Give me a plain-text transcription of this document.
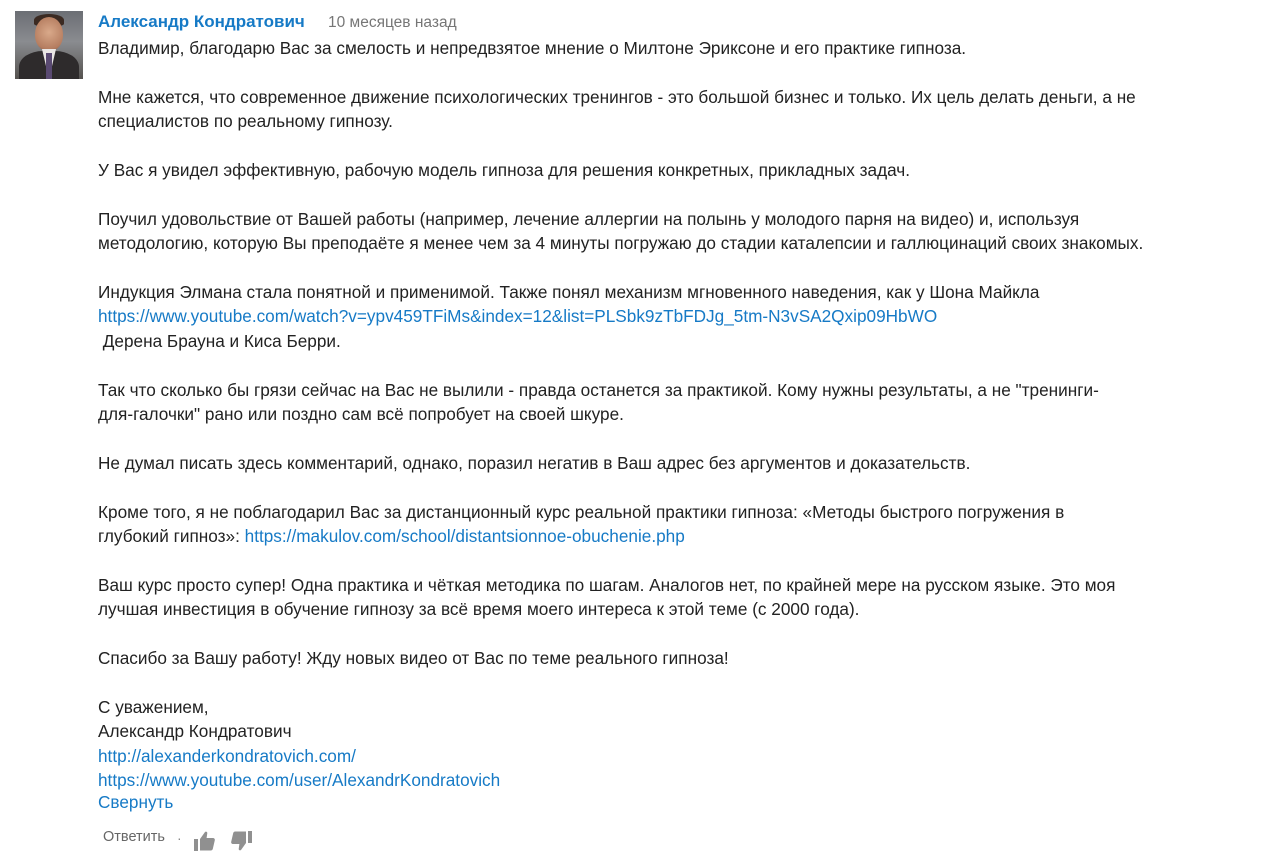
Александр Кондратович 10 месяцев назад

Владимир, благодарю Вас за смелость и непредвзятое мнение о Милтоне Эриксоне и его практике гипноза.

Мне кажется, что современное движение психологических тренингов - это большой бизнес и только. Их цель делать деньги, а не
специалистов по реальному гипнозу.

У Вас я увидел эффективную, рабочую модель гипноза для решения конкретных, прикладных задач.

Поучил удовольствие от Вашей работы (например, лечение аллергии на полынь у молодого парня на видео) и, используя
методологию, которую Вы преподаёте я менее чем за 4 минуты погружаю до стадии каталепсии и галлюцинаций своих знакомых.

Индукция Элмана стала понятной и применимой. Также понял механизм мгновенного наведения, как у Шона Майкла
https://www.youtube.com/watch?v=ypv459TFiMs&index=12&list=PLSbk9zTbFDJg_5tm-N3vSA2Qxip09HbWO
Дерена Брауна и Киса Берри.

Так что сколько бы грязи сейчас на Вас не вылили - правда останется за практикой. Кому нужны результаты, а не "тренинги-
для-галочки" рано или поздно сам всё попробует на своей шкуре.

Не думал писать здесь комментарий, однако, поразил негатив в Ваш адрес без аргументов и доказательств.

Кроме того, я не поблагодарил Вас за дистанционный курс реальной практики гипноза: «Методы быстрого погружения в
глубокий гипноз»: https://makulov.com/school/distantsionnoe-obuchenie.php

Ваш курс просто супер! Одна практика и чёткая методика по шагам. Аналогов нет, по крайней мере на русском языке. Это моя
лучшая инвестиция в обучение гипнозу за всё время моего интереса к этой теме (с 2000 года).

Спасибо за Вашу работу! Жду новых видео от Вас по теме реального гипноза!

С уважением,
Александр Кондратович
http://alexanderkondratovich.com/
https://www.youtube.com/user/AlexandrKondratovich

Свернуть
Ответить ·
